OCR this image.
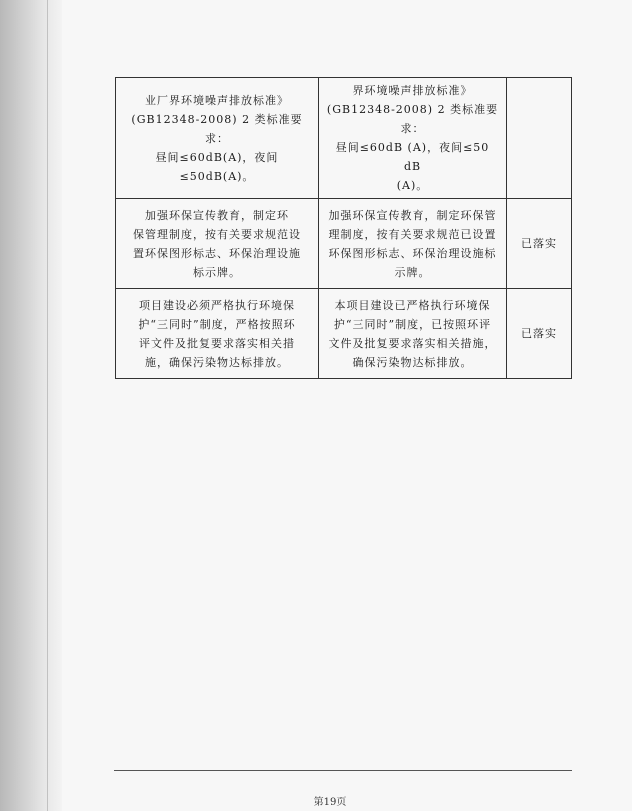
业厂界环境噪声排放标准》
(GB12348-2008) 2 类标准要求：
昼间≤60dB(A)，夜间≤50dB(A)。	界环境噪声排放标准》
(GB12348-2008) 2 类标准要求：
昼间≤60dB (A)，夜间≤50 dB
(A)。	

加强环保宣传教育，制定环
保管理制度，按有关要求规范设
置环保图形标志、环保治理设施
标示牌。	加强环保宣传教育，制定环保管
理制度，按有关要求规范已设置
环保图形标志、环保治理设施标
示牌。	已落实

项目建设必须严格执行环境保
护“三同时”制度，严格按照环
评文件及批复要求落实相关措
施，确保污染物达标排放。	本项目建设已严格执行环境保
护“三同时”制度，已按照环评
文件及批复要求落实相关措施，
确保污染物达标排放。	已落实
第19页
